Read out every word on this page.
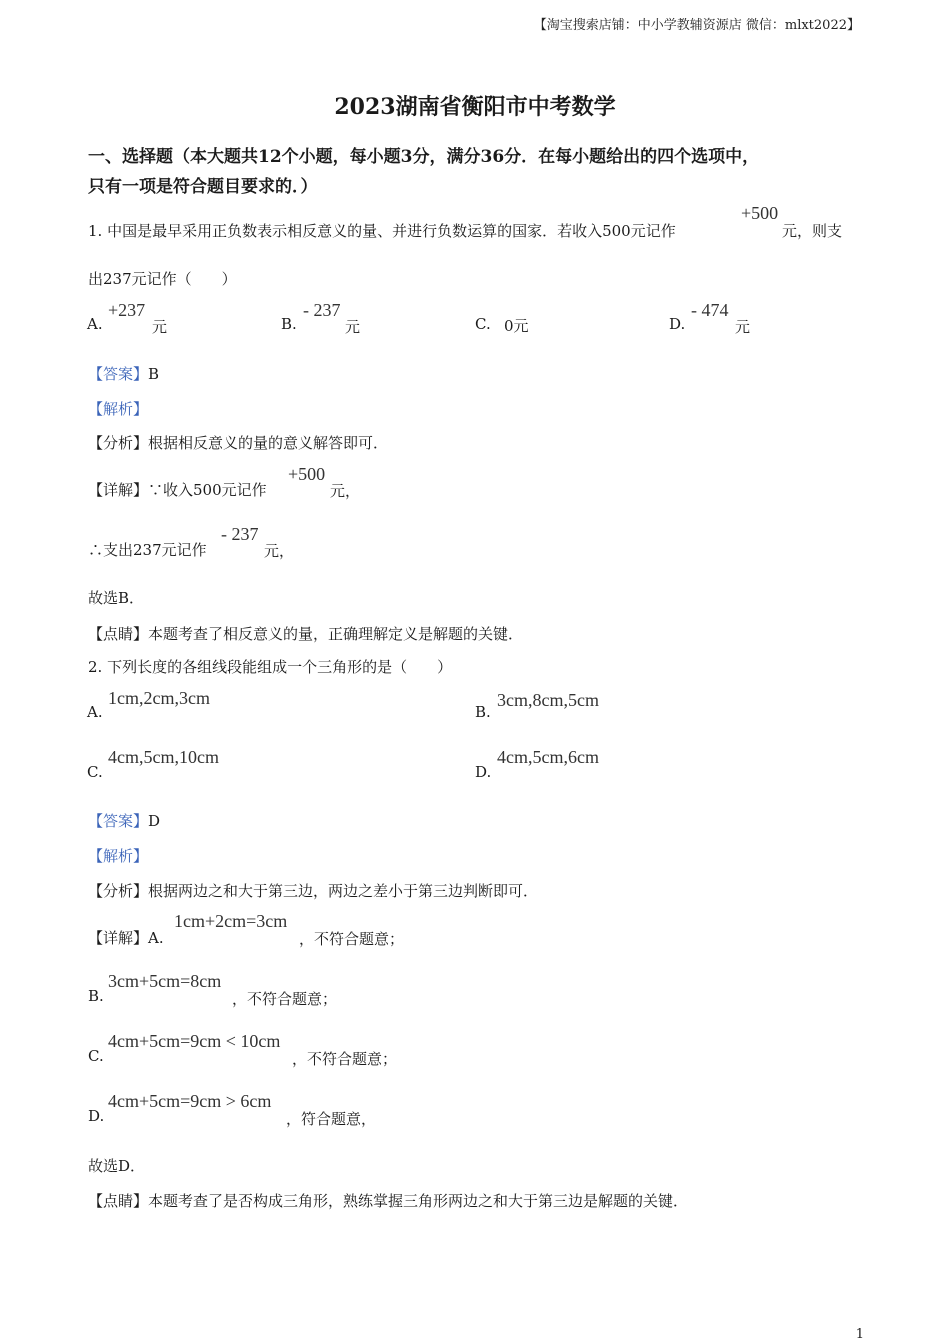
【淘宝搜索店铺：中小学教辅资源店 微信：mlxt2022】
2023湖南省衡阳市中考数学
一、选择题（本大题共12个小题，每小题3分，满分36分．在每小题给出的四个选项中，
只有一项是符合题目要求的．）
1. 中国是最早采用正负数表示相反意义的量、并进行负数运算的国家．若收入500元记作
+500
元，则支
出237元记作（　　）
A.
+237
元	B.
- 237
元	C. 0元	D.
- 474
元
【答案】B
【解析】
【分析】根据相反意义的量的意义解答即可．
【详解】∵收入500元记作
+500
元，
∴支出237元记作
- 237
元，
故选B．
【点睛】本题考查了相反意义的量，正确理解定义是解题的关键．
2. 下列长度的各组线段能组成一个三角形的是（　　）
A.
1cm,2cm,3cm
B.
3cm,8cm,5cm
C.
4cm,5cm,10cm
D.
4cm,5cm,6cm
【答案】D
【解析】
【分析】根据两边之和大于第三边，两边之差小于第三边判断即可．
【详解】A.
1cm+2cm=3cm
，不符合题意；
B.
3cm+5cm=8cm
，不符合题意；
C.
4cm+5cm=9cm < 10cm
，不符合题意；
D.
4cm+5cm=9cm > 6cm
，符合题意，
故选D．
【点睛】本题考查了是否构成三角形，熟练掌握三角形两边之和大于第三边是解题的关键．
1
